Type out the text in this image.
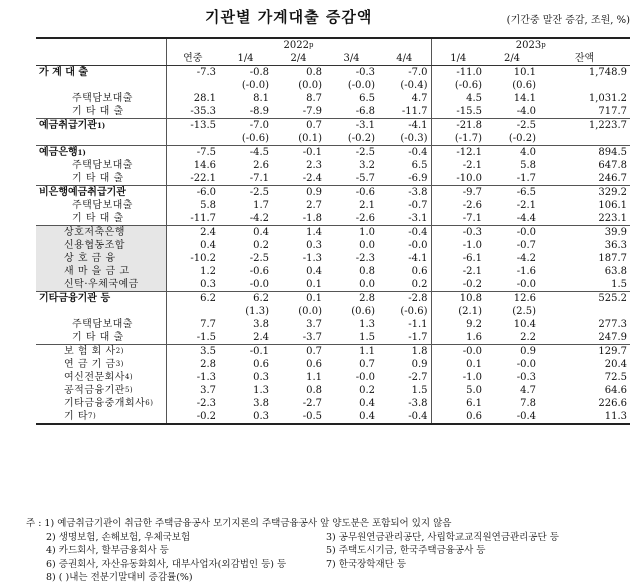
기관별 가계대출 증감액	(기간중 말잔 증감, 조원, %)
	2022$^p$					2023$^p$
	연중	1/4	2/4	3/4	4/4	1/4	2/4	잔액
가 계 대 출	-7.3	-0.8	0.8	-0.3	-7.0	-11.0	10.1	1,748.9
		(-0.0)	(0.0)	(-0.0)	(-0.4)	(-0.6)	(0.6)	
주택담보대출	28.1	8.1	8.7	6.5	4.7	4.5	14.1	1,031.2
기 타 대 출	-35.3	-8.9	-7.9	-6.8	-11.7	-15.5	-4.0	717.7
예금취급기관$^{1)}$	-13.5	-7.0	0.7	-3.1	-4.1	-21.8	-2.5	1,223.7
		(-0.6)	(0.1)	(-0.2)	(-0.3)	(-1.7)	(-0.2)	
예금은행$^{1)}$	-7.5	-4.5	-0.1	-2.5	-0.4	-12.1	4.0	894.5
주택담보대출	14.6	2.6	2.3	3.2	6.5	-2.1	5.8	647.8
기 타 대 출	-22.1	-7.1	-2.4	-5.7	-6.9	-10.0	-1.7	246.7
비은행예금취급기관	-6.0	-2.5	0.9	-0.6	-3.8	-9.7	-6.5	329.2
주택담보대출	5.8	1.7	2.7	2.1	-0.7	-2.6	-2.1	106.1
기 타 대 출	-11.7	-4.2	-1.8	-2.6	-3.1	-7.1	-4.4	223.1
상호저축은행	2.4	0.4	1.4	1.0	-0.4	-0.3	-0.0	39.9
신용협동조합	0.4	0.2	0.3	0.0	-0.0	-1.0	-0.7	36.3
상 호 금 융	-10.2	-2.5	-1.3	-2.3	-4.1	-6.1	-4.2	187.7
새 마 을 금 고	1.2	-0.6	0.4	0.8	0.6	-2.1	-1.6	63.8
신탁·우체국예금	0.3	-0.0	0.1	0.0	0.2	-0.2	-0.0	1.5
기타금융기관 등	6.2	6.2	0.1	2.8	-2.8	10.8	12.6	525.2
		(1.3)	(0.0)	(0.6)	(-0.6)	(2.1)	(2.5)	
주택담보대출	7.7	3.8	3.7	1.3	-1.1	9.2	10.4	277.3
기 타 대 출	-1.5	2.4	-3.7	1.5	-1.7	1.6	2.2	247.9
보 험 회 사$^{2)}$	3.5	-0.1	0.7	1.1	1.8	-0.0	0.9	129.7
연 금 기 금$^{3)}$	2.8	0.6	0.6	0.7	0.9	0.1	-0.0	20.4
여신전문회사$^{4)}$	-1.3	0.3	1.1	-0.0	-2.7	-1.0	-0.3	72.5
공적금융기관$^{5)}$	3.7	1.3	0.8	0.2	1.5	5.0	4.7	64.6
기타금융중개회사$^{6)}$	-2.3	3.8	-2.7	0.4	-3.8	6.1	7.8	226.6
기 타$^{7)}$	-0.2	0.3	-0.5	0.4	-0.4	0.6	-0.4	11.3
주 : 1) 예금취급기관이 취급한 주택금융공사 모기지론의 주택금융공사 앞 양도분은 포함되어 있지 않음
2) 생명보험, 손해보험, 우체국보험	3) 공무원연금관리공단, 사립학교교직원연금관리공단 등
4) 카드회사, 할부금융회사 등	5) 주택도시기금, 한국주택금융공사 등
6) 증권회사, 자산유동화회사, 대부사업자(외감법인 등) 등	7) 한국장학재단 등
8) ( )내는 전분기말대비 증감률(%)
